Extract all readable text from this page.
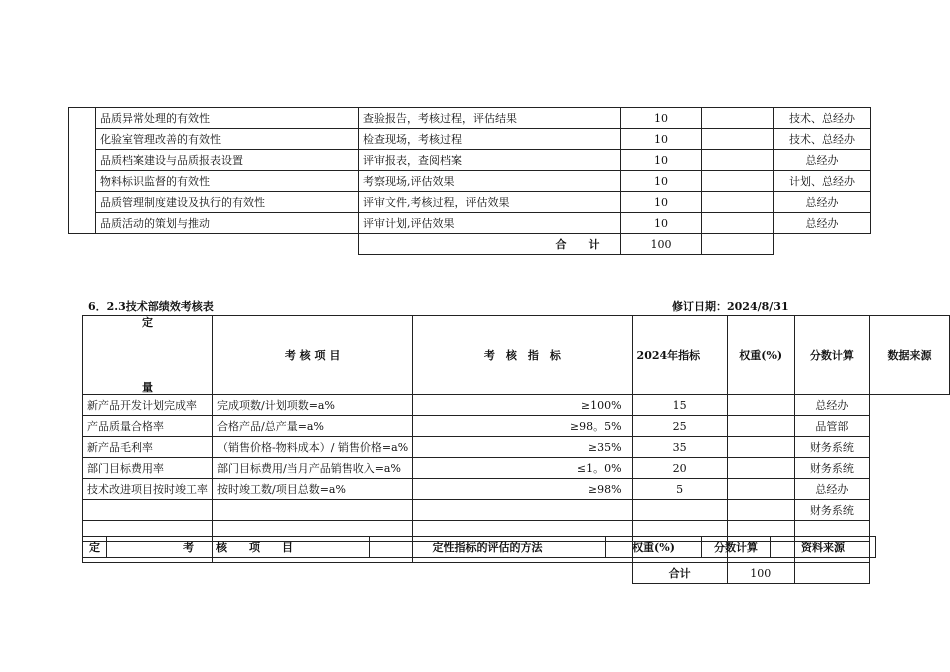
	品质异常处理的有效性	查验报告，考核过程，评估结果	10		技术、总经办
	化验室管理改善的有效性	检查现场，考核过程	10		技术、总经办
	品质档案建设与品质报表设置	评审报表，查阅档案	10		总经办
	物料标识监督的有效性	考察现场,评估效果	10		计划、总经办
	品质管理制度建设及执行的有效性	评审文件,考核过程，评估效果	10		总经办
	品质活动的策划与推动	评审计划,评估效果	10		总经办
		合　　计	100		
6．2.3技术部绩效考核表	修订日期：2024/8/31
定
量	考 核 项 目	考　核　指　标	2024年指标	权重(%)	分数计算	数据来源
新产品开发计划完成率	完成项数/计划项数=a%	≥100%	15		总经办	
产品质量合格率	合格产品/总产量=a%	≥98。5%	25		品管部	
新产品毛利率	（销售价格-物料成本）/ 销售价格=a%	≥35%	35		财务系统	
部门目标费用率	部门目标费用/当月产品销售收入=a%	≤1。0%	20		财务系统	
技术改进项目按时竣工率	按时竣工数/项目总数=a%	≥98%	5		总经办	
					财务系统	

			合计	100		
定	考　　核　　项　　目	定性指标的评估的方法	权重(%)	分数计算	资料来源
